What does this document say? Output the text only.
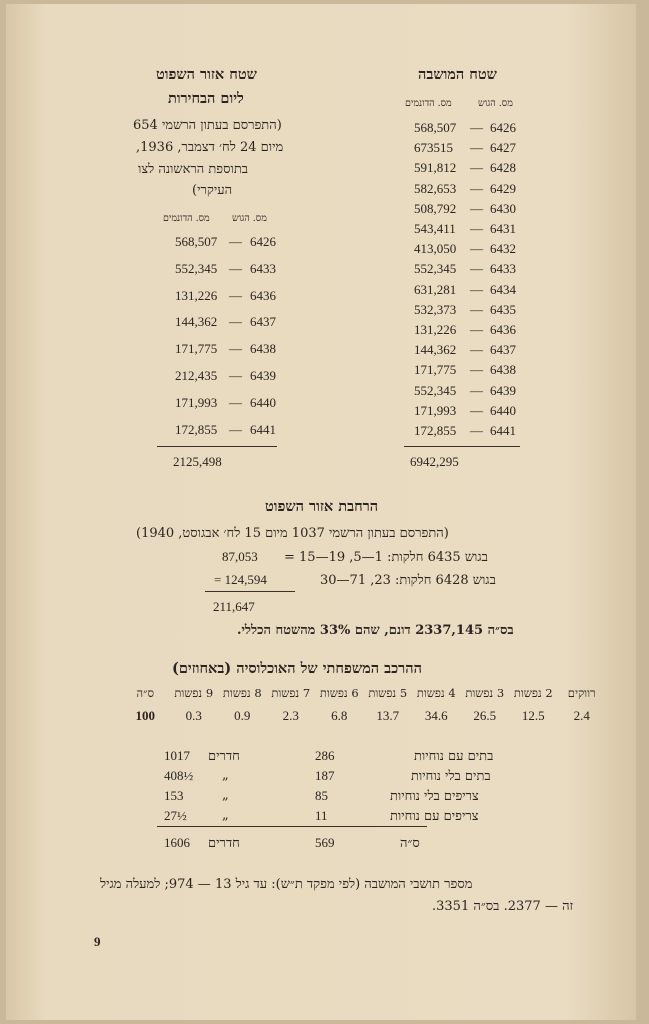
שטח המושבה
מס. הגוש
מס. הדונמים
568,507 — 6426
673515 — 6427
591,812 — 6428
582,653 — 6429
508,792 — 6430
543,411 — 6431
413,050 — 6432
552,345 — 6433
631,281 — 6434
532,373 — 6435
131,226 — 6436
144,362 — 6437
171,775 — 6438
552,345 — 6439
171,993 — 6440
172,855 — 6441
6942,295
שטח אזור השפוט
ליום הבחירות
(התפרסם בעתון הרשמי 654
מיום 24 לח׳ דצמבר, 1936,
בתוספת הראשונה לצו
העיקרי)
מס. הגוש
מס. הדונמים
568,507 — 6426
552,345 — 6433
131,226 — 6436
144,362 — 6437
171,775 — 6438
212,435 — 6439
171,993 — 6440
172,855 — 6441
2125,498
הרחבת אזור השפוט
(התפרסם בעתון הרשמי 1037 מיום 15 לח׳ אבגוסט, 1940)
בגוש 6435 חלקות: 1—5, 19—15 =
87,053
בגוש 6428 חלקות: 23, 71—30
= 124,594
211,647
בס״ה 2337,145 דונם, שהם 33% מהשטח הכללי.
ההרכב המשפחתי של האוכלוסיה (באחוזים)
רווקים
2.4
2 נפשות
12.5
3 נפשות
26.5
4 נפשות
34.6
5 נפשות
13.7
6 נפשות
6.8
7 נפשות
2.3
8 נפשות
0.9
9 נפשות
0.3
ס״ה
100
בתים עם נוחיות
286
חדרים
1017
בתים בלי נוחיות
187
„
408½
צריפים בלי נוחיות
85
„
153
צריפים עם נוחיות
11
„
27½
ס״ה
569
חדרים
1606
מספר תושבי המושבה (לפי מפקד ת״ש): עד גיל 13 — 974; למעלה מגיל
זה — 2377. בס״ה 3351.
9
